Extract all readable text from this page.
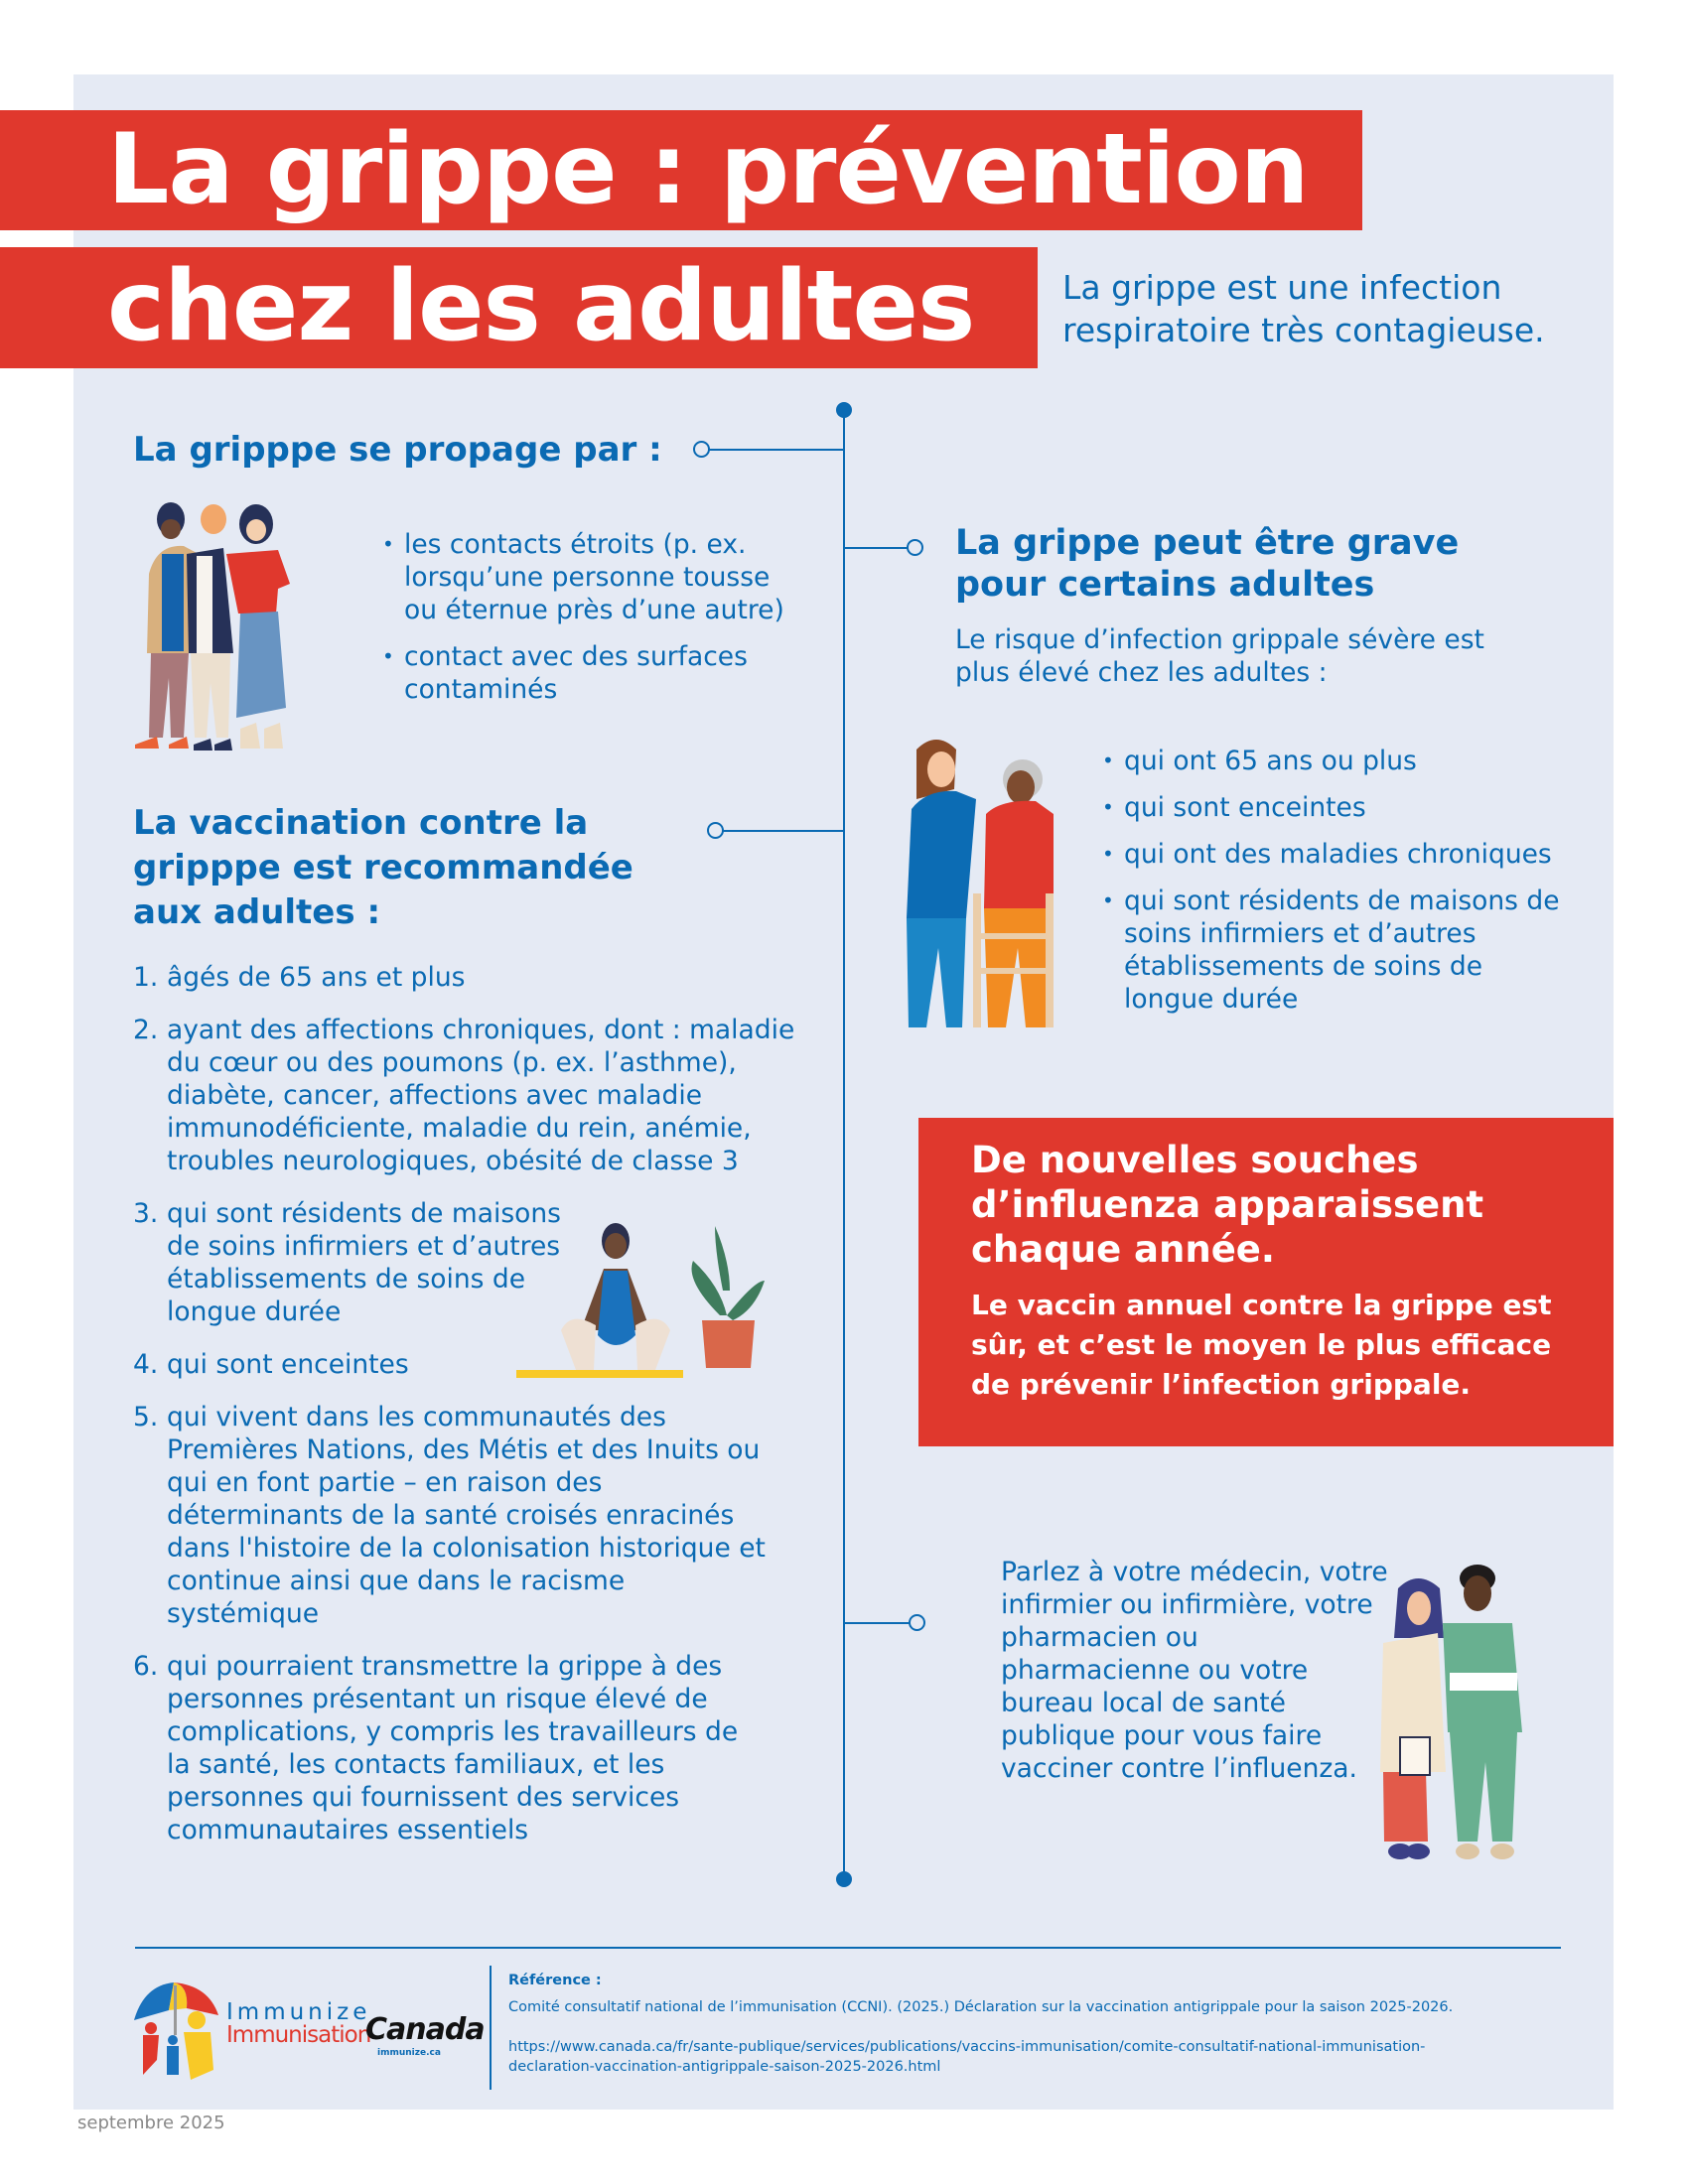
La grippe : prévention
chez les adultes	La grippe est une infection
respiratoire très contagieuse.
La gripppe se propage par :
• les contacts étroits (p. ex. lorsqu’une personne tousse ou éternue près d’une autre)
• contact avec des surfaces contaminés
La grippe peut être grave
pour certains adultes
Le risque d’infection grippale sévère est plus élevé chez les adultes :
• qui ont 65 ans ou plus
• qui sont enceintes
• qui ont des maladies chroniques
• qui sont résidents de maisons de soins infirmiers et d’autres établissements de soins de longue durée
La vaccination contre la
gripppe est recommandée
aux adultes :
1. âgés de 65 ans et plus
2. ayant des affections chroniques, dont : maladie du cœur ou des poumons (p. ex. l’asthme), diabète, cancer, affections avec maladie immunodéficiente, maladie du rein, anémie, troubles neurologiques, obésité de classe 3
3. qui sont résidents de maisons de soins infirmiers et d’autres établissements de soins de longue durée
4. qui sont enceintes
5. qui vivent dans les communautés des Premières Nations, des Métis et des Inuits ou qui en font partie – en raison des déterminants de la santé croisés enracinés dans l'histoire de la colonisation historique et continue ainsi que dans le racisme systémique
6. qui pourraient transmettre la grippe à des personnes présentant un risque élevé de complications, y compris les travailleurs de la santé, les contacts familiaux, et les personnes qui fournissent des services communautaires essentiels
De nouvelles souches d’influenza apparaissent chaque année.
Le vaccin annuel contre la grippe est sûr, et c’est le moyen le plus efficace de prévenir l’infection grippale.
Parlez à votre médecin, votre infirmier ou infirmière, votre pharmacien ou pharmacienne ou votre bureau local de santé publique pour vous faire vacciner contre l’influenza.
Immunize
Immunisation
Canada
immunize.ca
Référence :
Comité consultatif national de l’immunisation (CCNI). (2025.) Déclaration sur la vaccination antigrippale pour la saison 2025-2026.
https://www.canada.ca/fr/sante-publique/services/publications/vaccins-immunisation/comite-consultatif-national-immunisation-declaration-vaccination-antigrippale-saison-2025-2026.html
septembre 2025
